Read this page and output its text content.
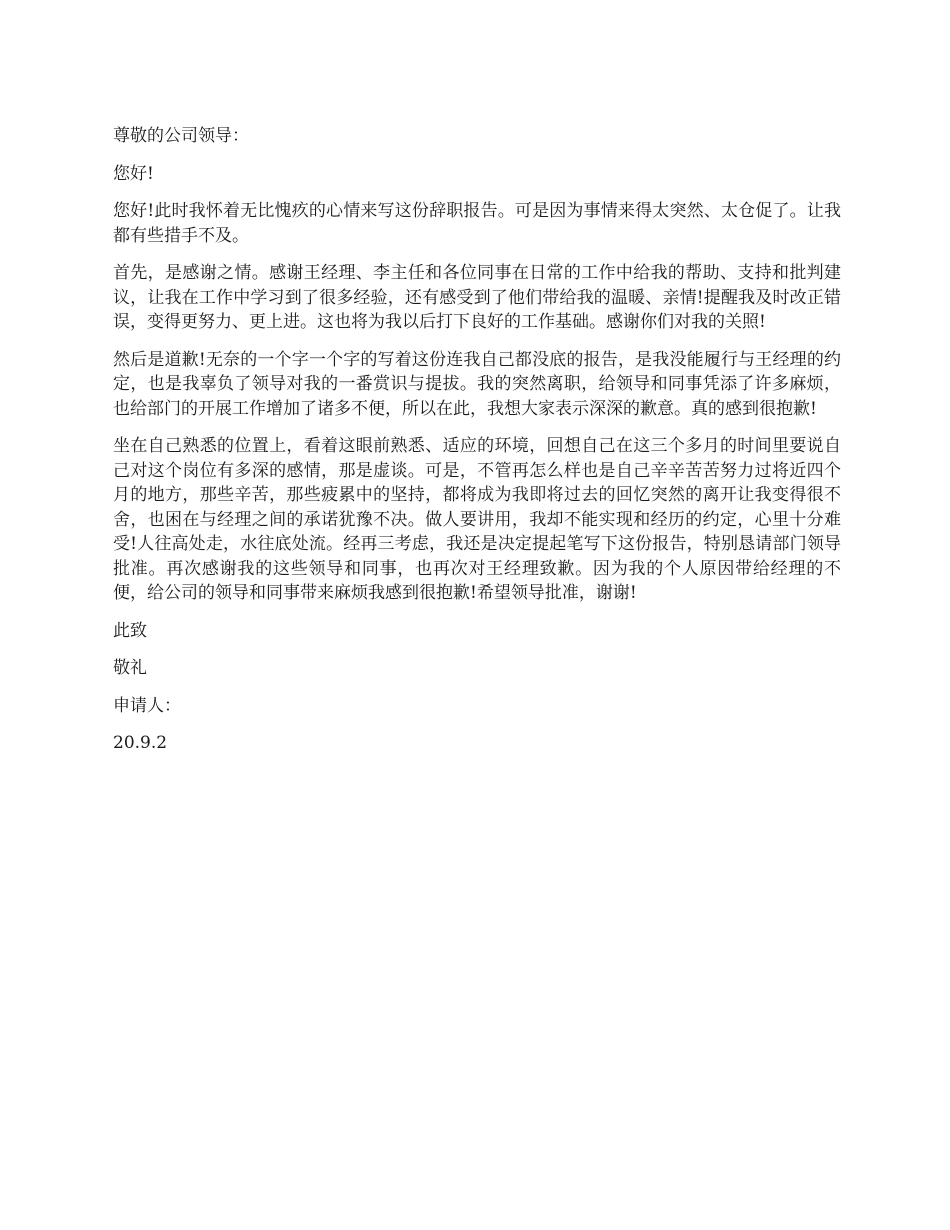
尊敬的公司领导：

您好!

您好!此时我怀着无比愧疚的心情来写这份辞职报告。可是因为事情来得太突然、太仓促了。让我都有些措手不及。

首先，是感谢之情。感谢王经理、李主任和各位同事在日常的工作中给我的帮助、支持和批判建议，让我在工作中学习到了很多经验，还有感受到了他们带给我的温暖、亲情!提醒我及时改正错误，变得更努力、更上进。这也将为我以后打下良好的工作基础。感谢你们对我的关照!

然后是道歉!无奈的一个字一个字的写着这份连我自己都没底的报告，是我没能履行与王经理的约定，也是我辜负了领导对我的一番赏识与提拔。我的突然离职，给领导和同事凭添了许多麻烦，也给部门的开展工作增加了诸多不便，所以在此，我想大家表示深深的歉意。真的感到很抱歉!

坐在自己熟悉的位置上，看着这眼前熟悉、适应的环境，回想自己在这三个多月的时间里要说自己对这个岗位有多深的感情，那是虚谈。可是，不管再怎么样也是自己辛辛苦苦努力过将近四个月的地方，那些辛苦，那些疲累中的坚持，都将成为我即将过去的回忆突然的离开让我变得很不舍，也困在与经理之间的承诺犹豫不决。做人要讲用，我却不能实现和经历的约定，心里十分难受!人往高处走，水往底处流。经再三考虑，我还是决定提起笔写下这份报告，特别恳请部门领导批准。再次感谢我的这些领导和同事，也再次对王经理致歉。因为我的个人原因带给经理的不便，给公司的领导和同事带来麻烦我感到很抱歉!希望领导批准，谢谢!

此致

敬礼

申请人：

20.9.2
